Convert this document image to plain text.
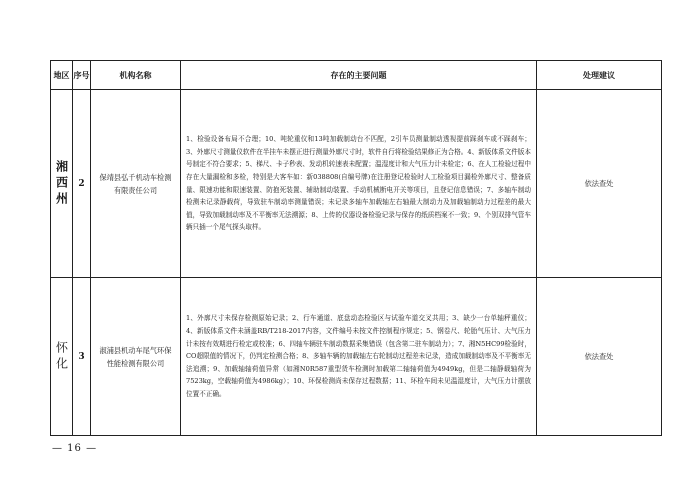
地区	序号	机构名称	存在的主要问题	处理建议

湘西州	2	保靖县弘千机动车检测有限责任公司	1、检验设备布局不合理；10、吨轮重仪和13吨加载制动台不匹配，2引车员测量制动透视提前踩刹车或不踩刹车；3、外廓尺寸测量仪软件在半挂车未摆正进行测量外廓尺寸时，软件自行将检验结果修正为合格。4、新版体系文件版本号制定不符合要求；5、梯尺、卡子秒表、发动机转速表未配置；温湿度计和大气压力计未检定；6、在人工检验过程中存在大量漏检和多检，特别是大客车如：新038808(自编号牌)在注册登记检验时人工检验项目漏检外廓尺寸、整备质量、限速功能和限速装置、防抱死装置、辅助制动装置、手动机械断电开关等项目，且登记信息错误；7、多轴车制动检测未记录静载荷，导致驻车制动率测量错误；未记录多轴车加载轴左右轴最大制动力及加载轴制动力过程差的最大值，导致加载制动率及不平衡率无法溯源；8、上传的仪器设备检验记录与保存的纸质档案不一致；9、个别双排气管车辆只插一个尾气探头取样。	依法查处

怀化	3	淑浦县机动车尾气环保性能检测有限公司	1、外廓尺寸未保存检测原始记录；2、行车通道、底盘动态检验区与试验车道交叉共用；3、缺少一台单轴秤重仪；4、新版体系文件未涵盖RB/T218-2017内容，文件编号未按文件控制程序规定；5、钢卷尺、轮胎气压计、大气压力计未按有效期进行检定或校准；6、四轴车辆驻车制动数据采集错误（包含第二驻车制动力）；7、湘N5HC99检验时，CO超限值的情况下，仍判定检测合格；8、多轴车辆的加载轴左右轮制动过程差未记录，造成加载制动率及不平衡率无法追溯；9、加载轴轴荷值异常（如湘N0R587重型货车检测时加载第二轴轴荷值为4949kg，但是二轴静载轴荷为7523kg，空载轴荷值为4986kg）；10、环保检测尚未保存过程数据；11、环检车间未见温湿度计，大气压力计摆放位置不正确。	依法查处
— 16 —
